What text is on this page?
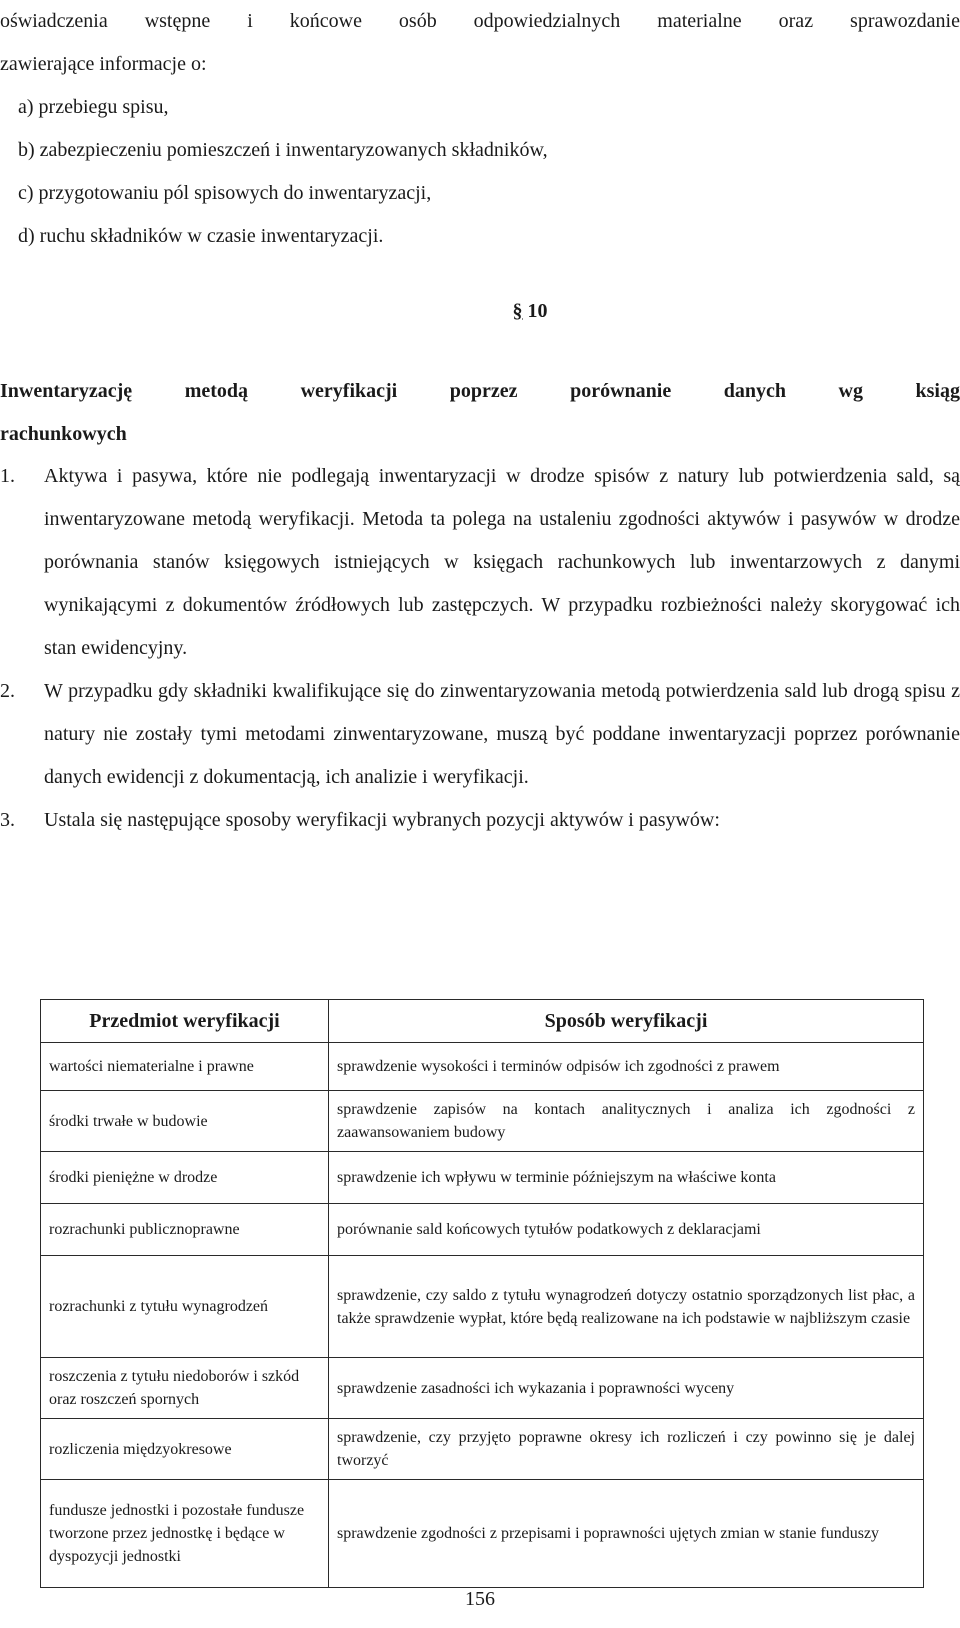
oświadczenia wstępne i końcowe osób odpowiedzialnych materialne oraz sprawozdanie

zawierające informacje o:

a) przebiegu spisu,

b) zabezpieczeniu pomieszczeń i inwentaryzowanych składników,

c) przygotowaniu pól spisowych do inwentaryzacji,

d) ruchu składników w czasie inwentaryzacji.

§ 10
Inwentaryzację metodą weryfikacji poprzez porównanie danych wg ksiąg
rachunkowych
1. Aktywa i pasywa, które nie podlegają inwentaryzacji w drodze spisów z natury lub potwierdzenia sald, są inwentaryzowane metodą weryfikacji. Metoda ta polega na ustaleniu zgodności aktywów i pasywów w drodze porównania stanów księgowych istniejących w księgach rachunkowych lub inwentarzowych z danymi wynikającymi z dokumentów źródłowych lub zastępczych. W przypadku rozbieżności należy skorygować ich stan ewidencyjny.
2. W przypadku gdy składniki kwalifikujące się do zinwentaryzowania metodą potwierdzenia sald lub drogą spisu z natury nie zostały tymi metodami zinwentaryzowane, muszą być poddane inwentaryzacji poprzez porównanie danych ewidencji z dokumentacją, ich analizie i weryfikacji.
3. Ustala się następujące sposoby weryfikacji wybranych pozycji aktywów i pasywów:
Przedmiot weryfikacji	Sposób weryfikacji
wartości niematerialne i prawne	sprawdzenie wysokości i terminów odpisów ich zgodności z prawem
środki trwałe w budowie	sprawdzenie zapisów na kontach analitycznych i analiza ich zgodności z zaawansowaniem budowy
środki pieniężne w drodze	sprawdzenie ich wpływu w terminie późniejszym na właściwe konta
rozrachunki publicznoprawne	porównanie sald końcowych tytułów podatkowych z deklaracjami
rozrachunki z tytułu wynagrodzeń	sprawdzenie, czy saldo z tytułu wynagrodzeń dotyczy ostatnio sporządzonych list płac, a także sprawdzenie wypłat, które będą realizowane na ich podstawie w najbliższym czasie
roszczenia z tytułu niedoborów i szkód oraz roszczeń spornych	sprawdzenie zasadności ich wykazania i poprawności wyceny
rozliczenia międzyokresowe	sprawdzenie, czy przyjęto poprawne okresy ich rozliczeń i czy powinno się je dalej tworzyć
fundusze jednostki i pozostałe fundusze tworzone przez jednostkę i będące w dyspozycji jednostki	sprawdzenie zgodności z przepisami i poprawności ujętych zmian w stanie funduszy
156
